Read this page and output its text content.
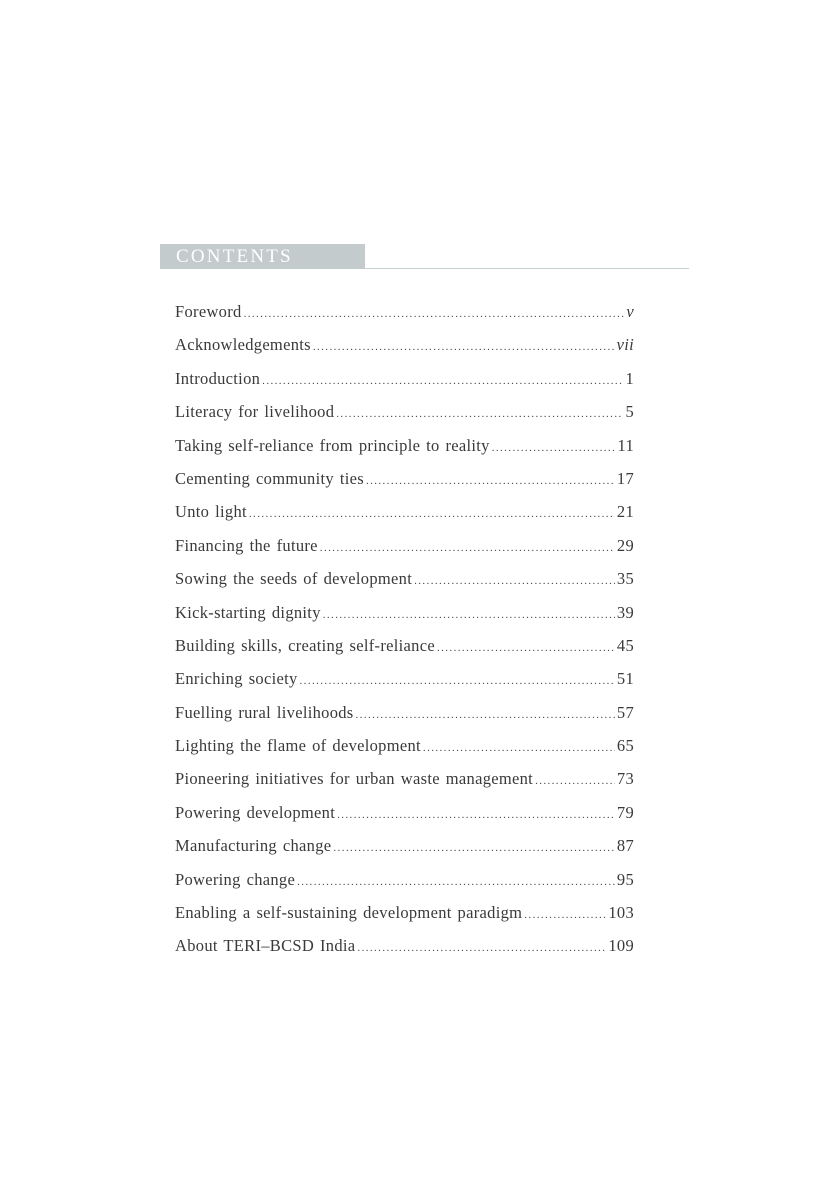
CONTENTS
Foreword .....	v
Acknowledgements .....	vii
Introduction .....	1
Literacy for livelihood .....	5
Taking self-reliance from principle to reality .....	11
Cementing community ties .....	17
Unto light .....	21
Financing the future .....	29
Sowing the seeds of development .....	35
Kick-starting dignity .....	39
Building skills, creating self-reliance .....	45
Enriching society .....	51
Fuelling rural livelihoods .....	57
Lighting the flame of development .....	65
Pioneering initiatives for urban waste management .....	73
Powering development .....	79
Manufacturing change .....	87
Powering change .....	95
Enabling a self-sustaining development paradigm .....	103
About TERI–BCSD India .....	109
